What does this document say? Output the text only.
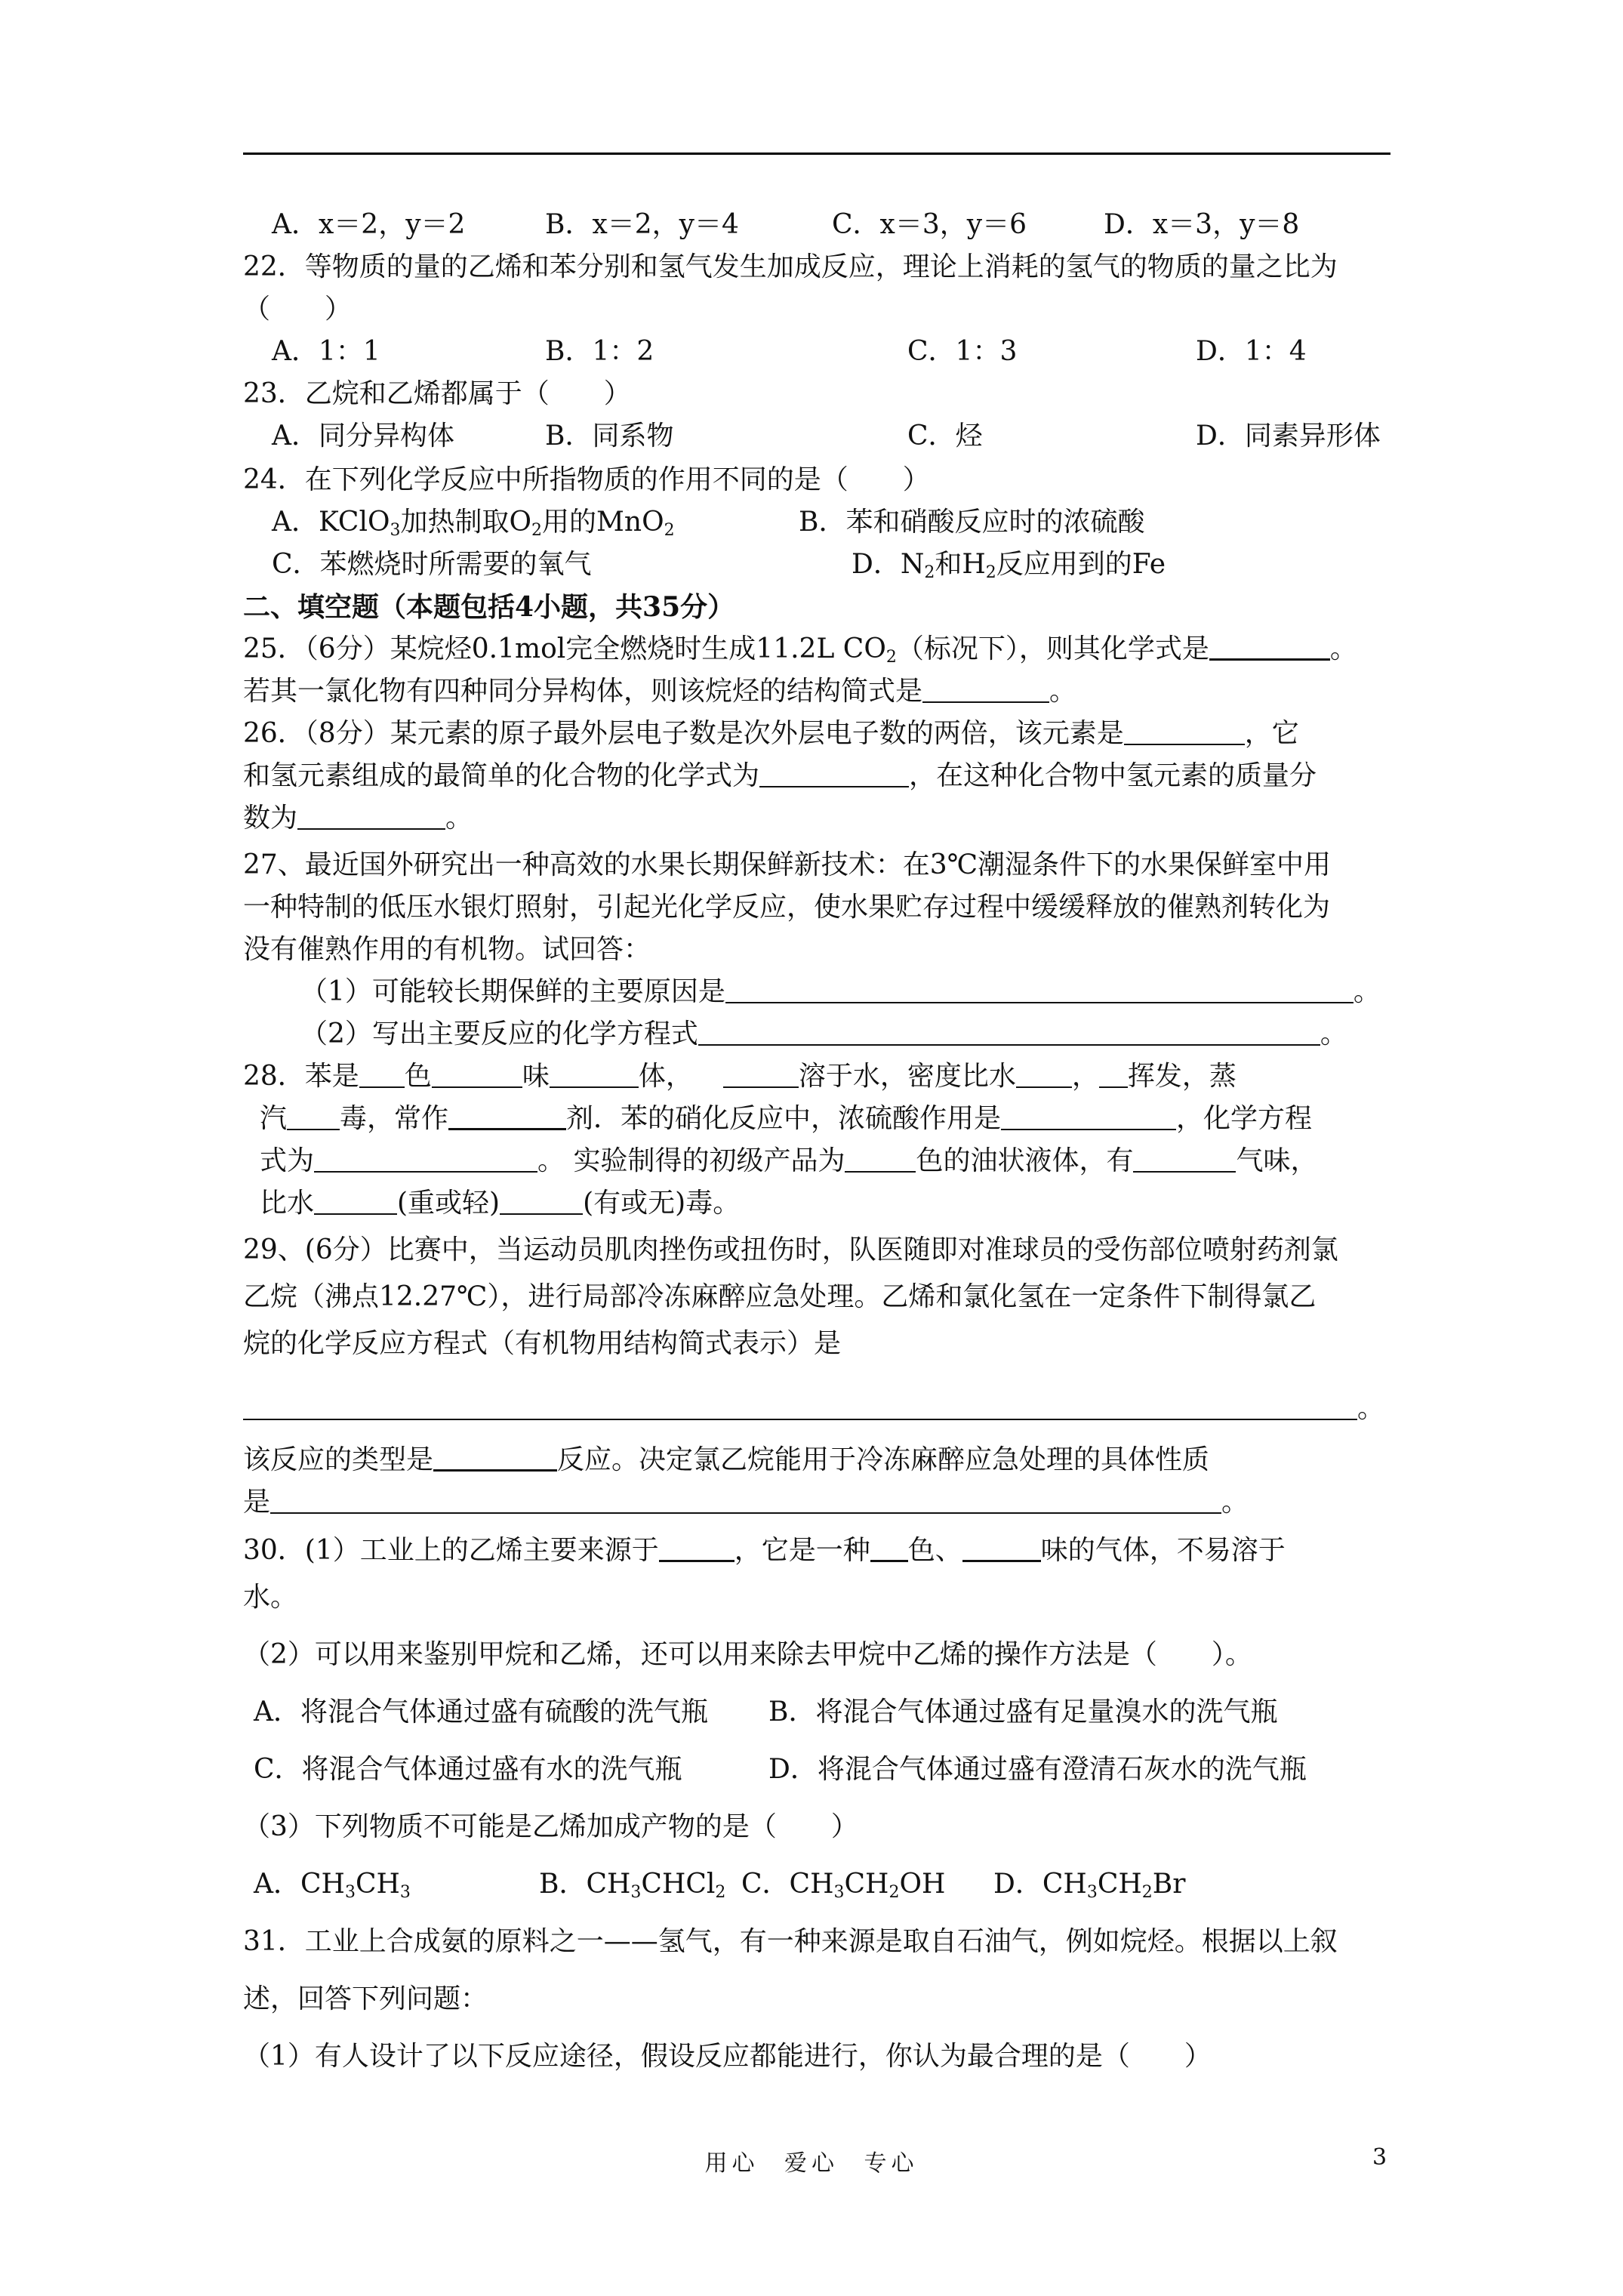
A．x＝2，y＝2	B．x＝2，y＝4	C．x＝3，y＝6	D．x＝3，y＝8
22．等物质的量的乙烯和苯分别和氢气发生加成反应，理论上消耗的氢气的物质的量之比为
（　　）
A．1：1	B．1：2	C．1：3	D．1：4
23．乙烷和乙烯都属于（　　）
A．同分异构体	B．同系物	C．烃	D．同素异形体
24．在下列化学反应中所指物质的作用不同的是（　　）
A．KClO$_3$加热制取$O_2$用的MnO$_2$	B．苯和硝酸反应时的浓硫酸
C．苯燃烧时所需要的氧气	D．$N_2$和$H_2$反应用到的Fe
二、填空题（本题包括4小题，共35分）
25．（6分）某烷烃0.1mol完全燃烧时生成11.2L $CO_2$（标况下），则其化学式是	。
若其一氯化物有四种同分异构体，则该烷烃的结构简式是	。
26．（8分）某元素的原子最外层电子数是次外层电子数的两倍，该元素是	，它
和氢元素组成的最简单的化合物的化学式为	，在这种化合物中氢元素的质量分
数为	。
27、最近国外研究出一种高效的水果长期保鲜新技术：在3℃潮湿条件下的水果保鲜室中用
一种特制的低压水银灯照射，引起光化学反应，使水果贮存过程中缓缓释放的催熟剂转化为
没有催熟作用的有机物。试回答：
（1）可能较长期保鲜的主要原因是	。
（2）写出主要反应的化学方程式	。
28．苯是 色	味	体，	溶于水，密度比水 ， 挥发，蒸
汽 毒，常作	剂．苯的硝化反应中，浓硫酸作用是	，化学方程
式为	。 实验制得的初级产品为	色的油状液体，有	气味，
比水	(重或轻)	(有或无)毒。
29、(6分）比赛中，当运动员肌肉挫伤或扭伤时，队医随即对准球员的受伤部位喷射药剂氯
乙烷（沸点12.27℃），进行局部冷冻麻醉应急处理。乙烯和氯化氢在一定条件下制得氯乙
烷的化学反应方程式（有机物用结构简式表示）是
。
该反应的类型是	反应。决定氯乙烷能用于冷冻麻醉应急处理的具体性质
是	。
30．(1）工业上的乙烯主要来源于	，它是一种 色、	味的气体，不易溶于
水。
（2）可以用来鉴别甲烷和乙烯，还可以用来除去甲烷中乙烯的操作方法是（　　）。
A．将混合气体通过盛有硫酸的洗气瓶 B．将混合气体通过盛有足量溴水的洗气瓶
C．将混合气体通过盛有水的洗气瓶	D．将混合气体通过盛有澄清石灰水的洗气瓶
（3）下列物质不可能是乙烯加成产物的是（　　）
A．$CH_3CH_3$	B．$CH_3CHCl_2$ C．$CH_3CH_2OH$ D．$CH_3CH_2Br$
31．工业上合成氨的原料之一——氢气，有一种来源是取自石油气，例如烷烃。根据以上叙
述，回答下列问题：
（1）有人设计了以下反应途径，假设反应都能进行，你认为最合理的是（　　）
用心 爱心 专心	3
